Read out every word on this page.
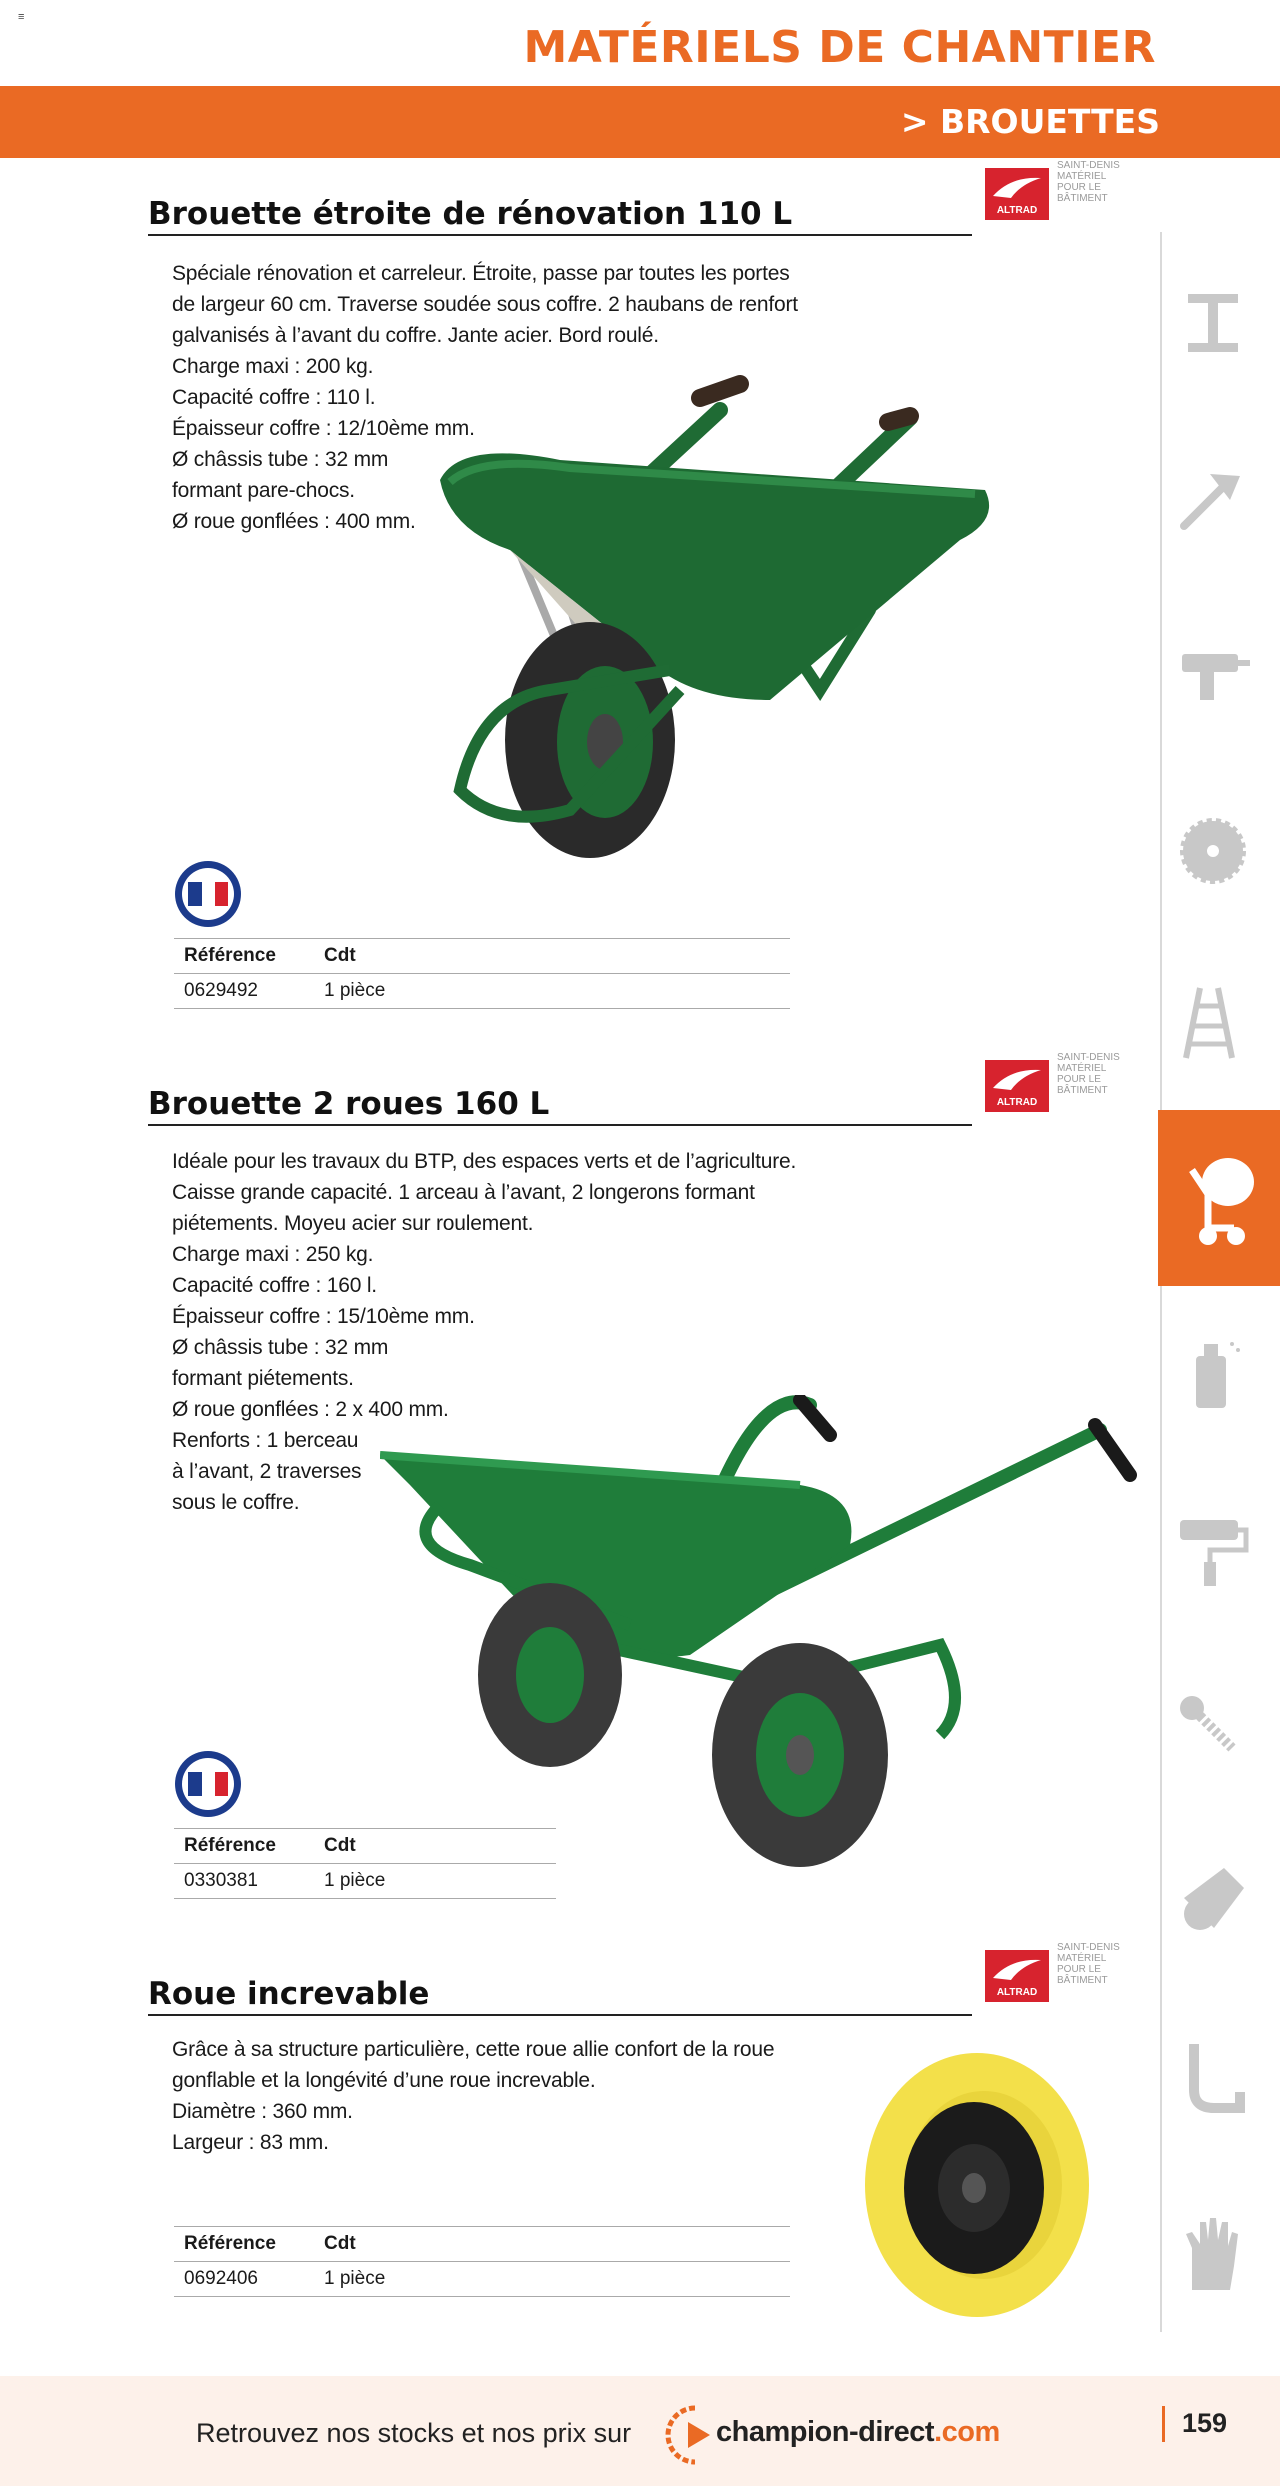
≡
MATÉRIELS DE CHANTIER
> BROUETTES
Brouette étroite de rénovation 110 L	ALTRAD
SAINT-DENIS
MATÉRIEL
POUR LE
BÂTIMENT
Spéciale rénovation et carreleur. Étroite, passe par toutes les portes
de largeur 60 cm. Traverse soudée sous coffre. 2 haubans de renfort
galvanisés à l’avant du coffre. Jante acier. Bord roulé.
Charge maxi : 200 kg.
Capacité coffre : 110 l.
Épaisseur coffre : 12/10ème mm.
Ø châssis tube : 32 mm
formant pare-chocs.
Ø roue gonflées : 400 mm.
Référence	Cdt
0629492	1 pièce
Brouette 2 roues 160 L	ALTRAD
SAINT-DENIS
MATÉRIEL
POUR LE
BÂTIMENT
Idéale pour les travaux du BTP, des espaces verts et de l’agriculture.
Caisse grande capacité. 1 arceau à l’avant, 2 longerons formant
piétements. Moyeu acier sur roulement.
Charge maxi : 250 kg.
Capacité coffre : 160 l.
Épaisseur coffre : 15/10ème mm.
Ø châssis tube : 32 mm
formant piétements.
Ø roue gonflées : 2 x 400 mm.
Renforts : 1 berceau
à l’avant, 2 traverses
sous le coffre.
Référence	Cdt
0330381	1 pièce
Roue increvable	ALTRAD
SAINT-DENIS
MATÉRIEL
POUR LE
BÂTIMENT
Grâce à sa structure particulière, cette roue allie confort de la roue
gonflable et la longévité d’une roue increvable.
Diamètre : 360 mm.
Largeur : 83 mm.
Référence	Cdt
0692406	1 pièce
Retrouvez nos stocks et nos prix sur	champion-direct.com	159
